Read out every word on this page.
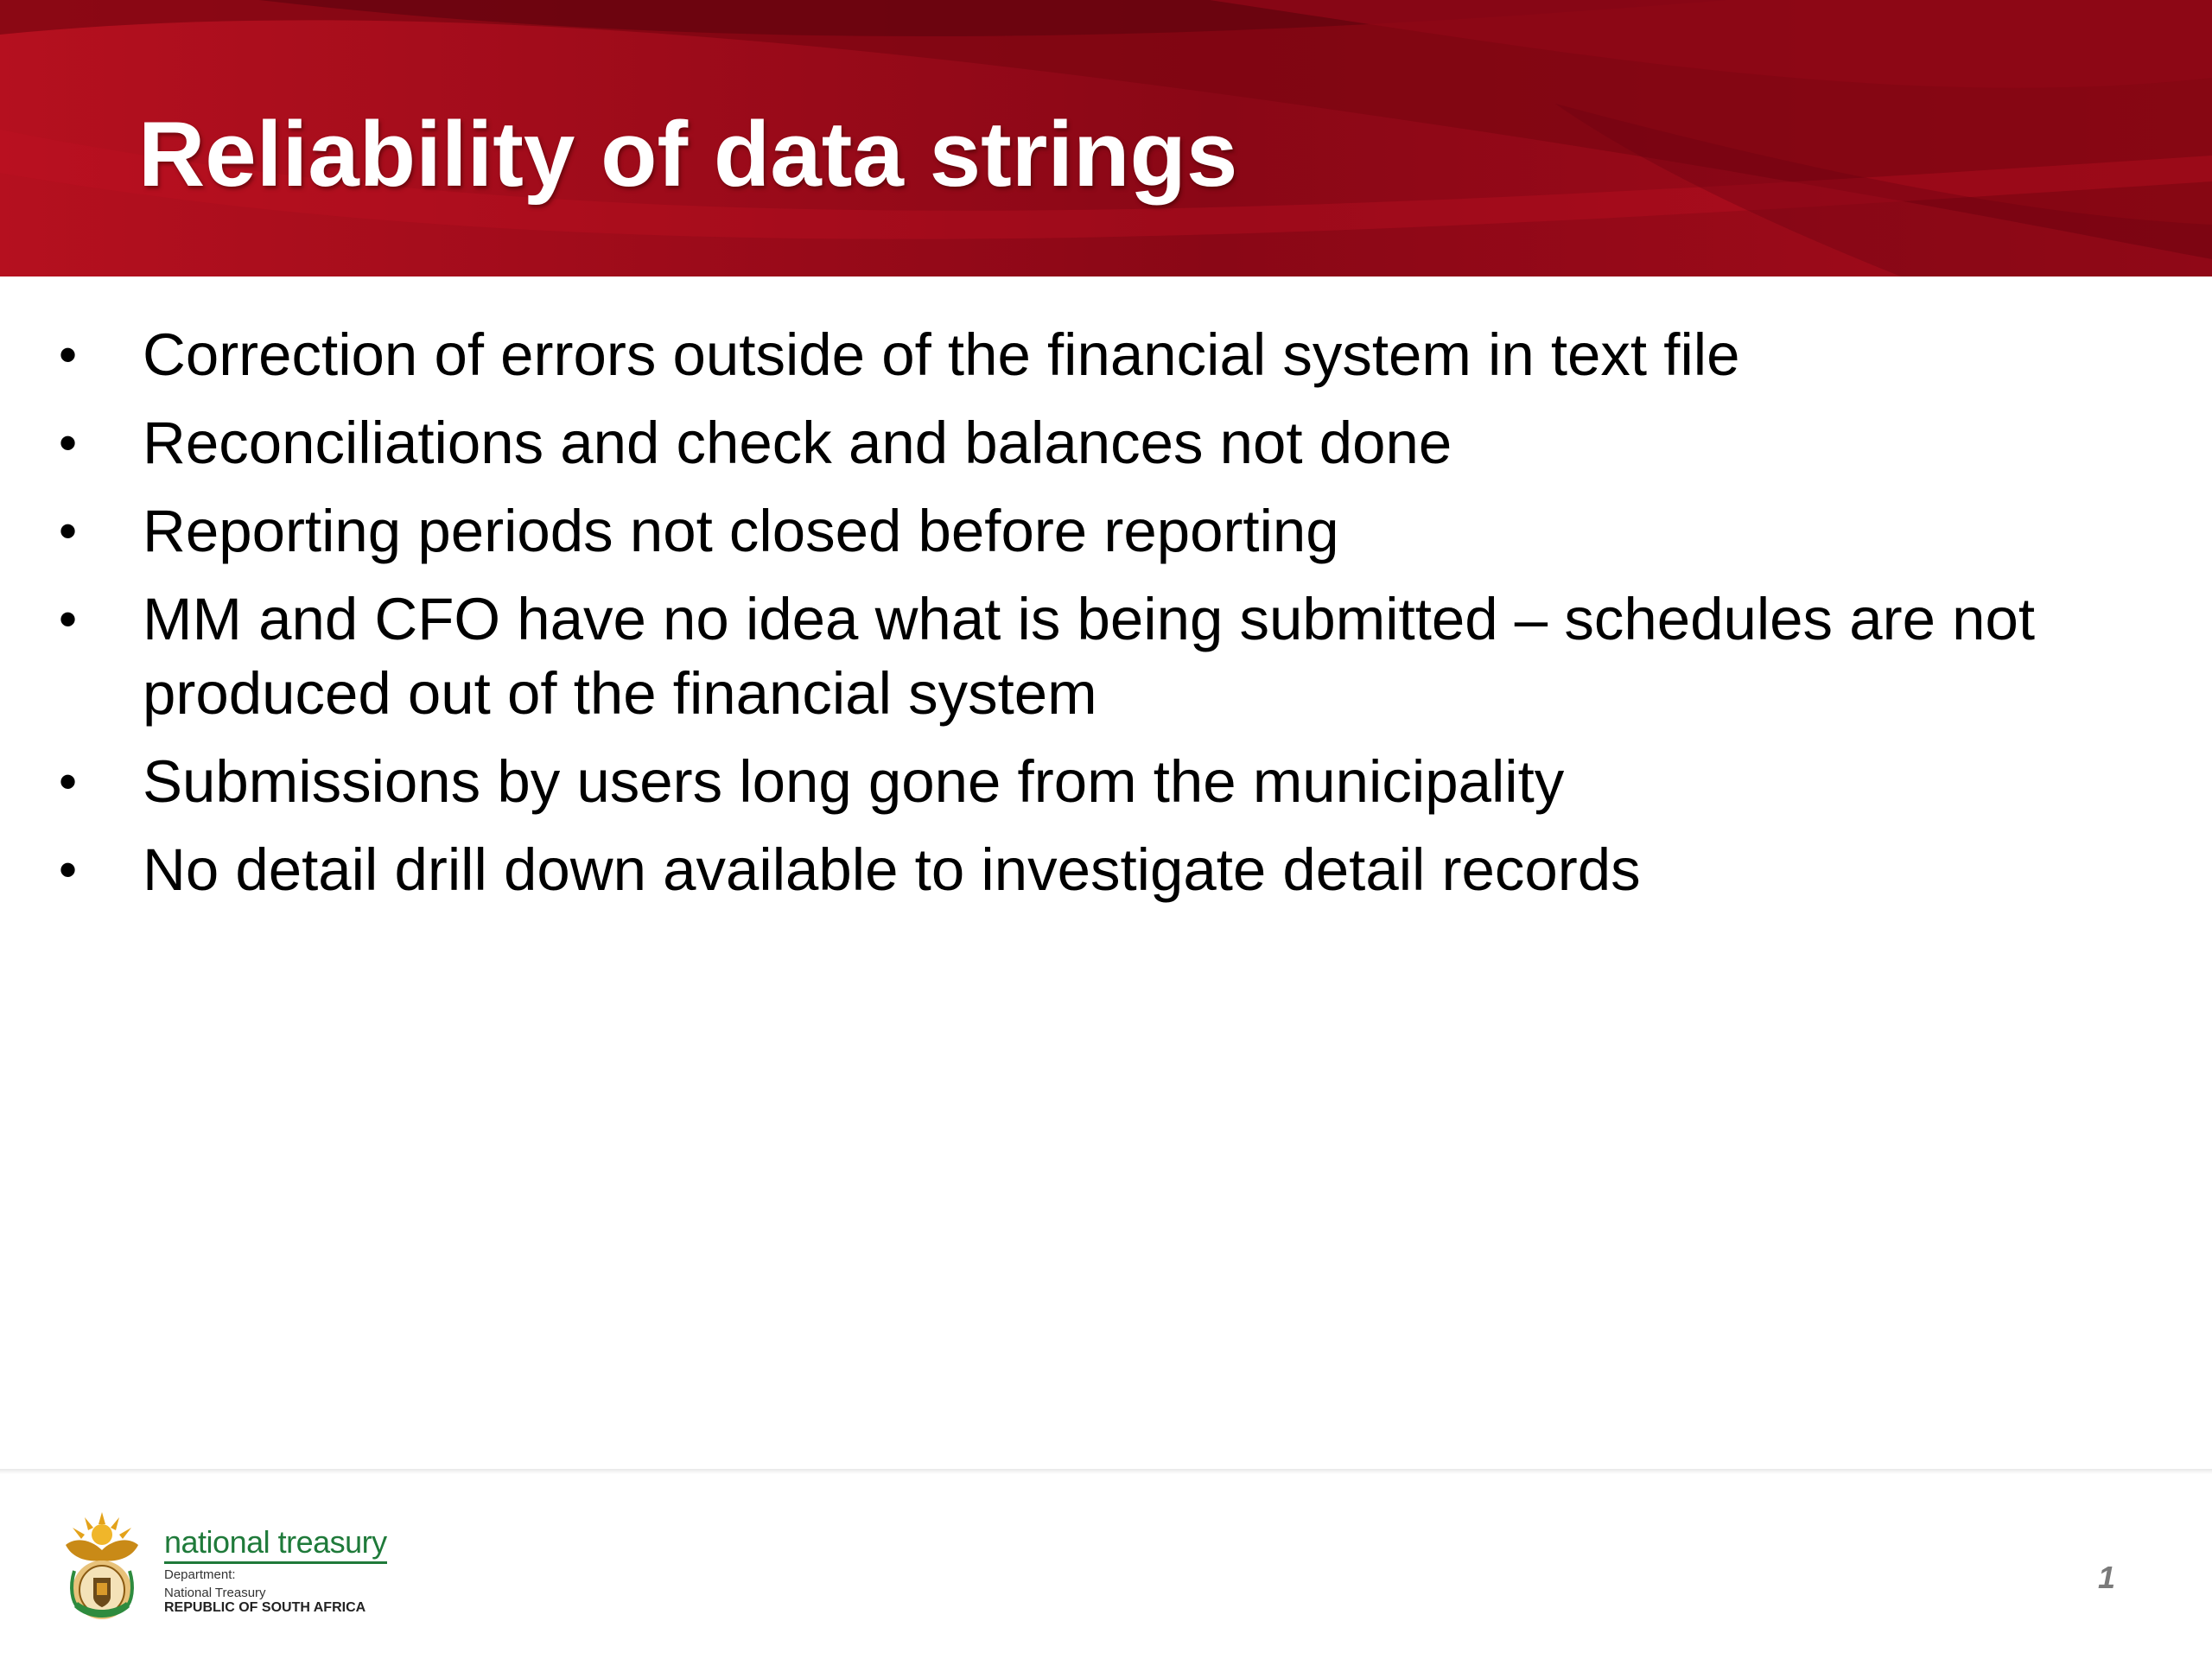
Reliability of data strings
• Correction of errors outside of the financial system in text file
• Reconciliations and check and balances not done
• Reporting periods not closed before reporting
• MM and CFO have no idea what is being submitted – schedules are not produced out of the financial system
• Submissions by users long gone from the municipality
• No detail drill down available to investigate detail records
national treasury
Department:
National Treasury
REPUBLIC OF SOUTH AFRICA
1
